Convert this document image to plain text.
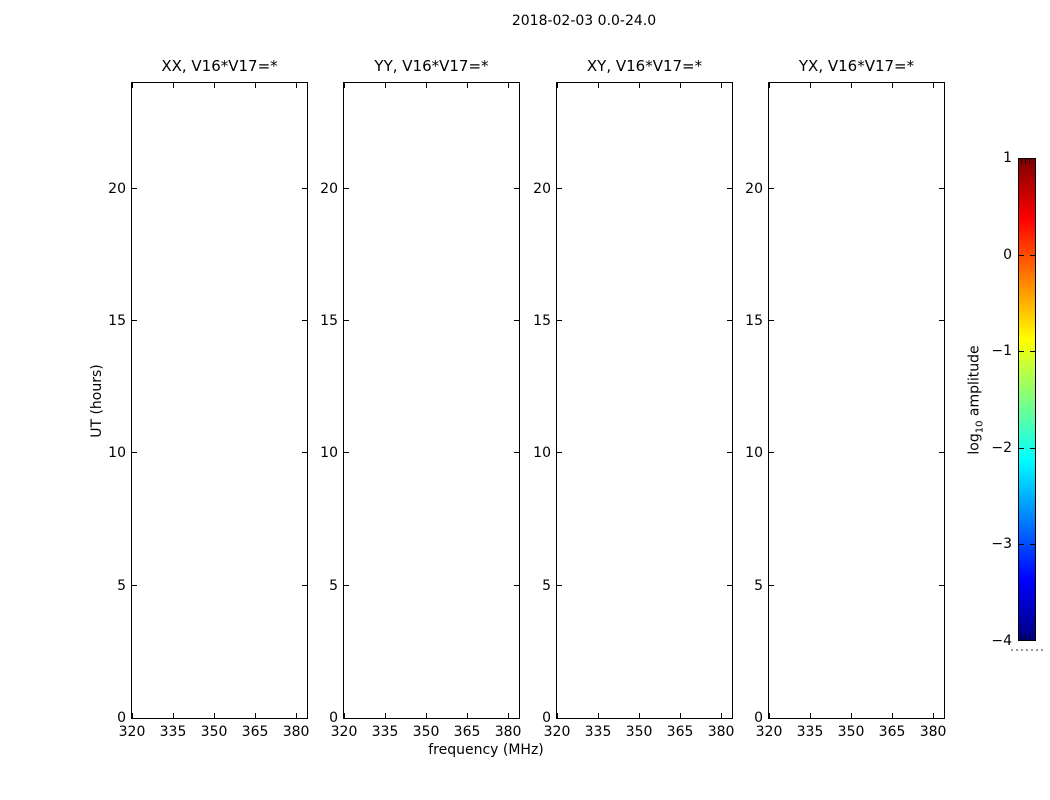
2018-02-03 0.0-24.0
XX, V16*V17=*
320 335 350 365 380
0
5
10
15
20
YY, V16*V17=*
320 335 350 365 380
0
5
10
15
20
XY, V16*V17=*
320 335 350 365 380
0
5
10
15
20
YX, V16*V17=*
320 335 350 365 380
0
5
10
15
20
UT (hours)
frequency (MHz)
1
0
−1
−2
−3
−4
$\log_{10}$ amplitude
